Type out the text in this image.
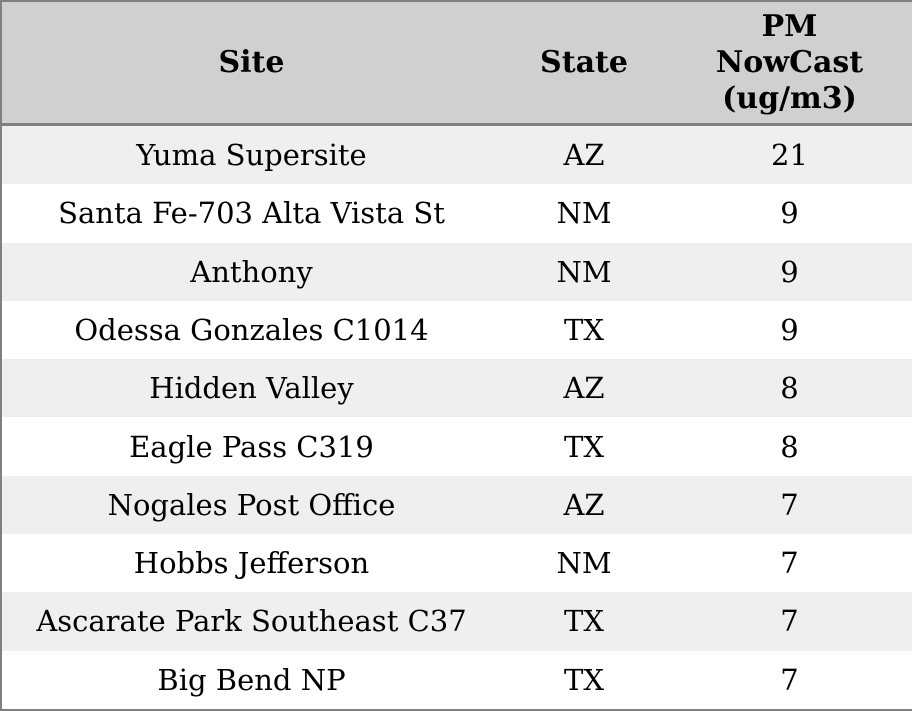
Site	State	PM
NowCast
(ug/m3)

Yuma Supersite	AZ	21
Santa Fe-703 Alta Vista St	NM	9
Anthony	NM	9
Odessa Gonzales C1014	TX	9
Hidden Valley	AZ	8
Eagle Pass C319	TX	8
Nogales Post Office	AZ	7
Hobbs Jefferson	NM	7
Ascarate Park Southeast C37	TX	7
Big Bend NP	TX	7
